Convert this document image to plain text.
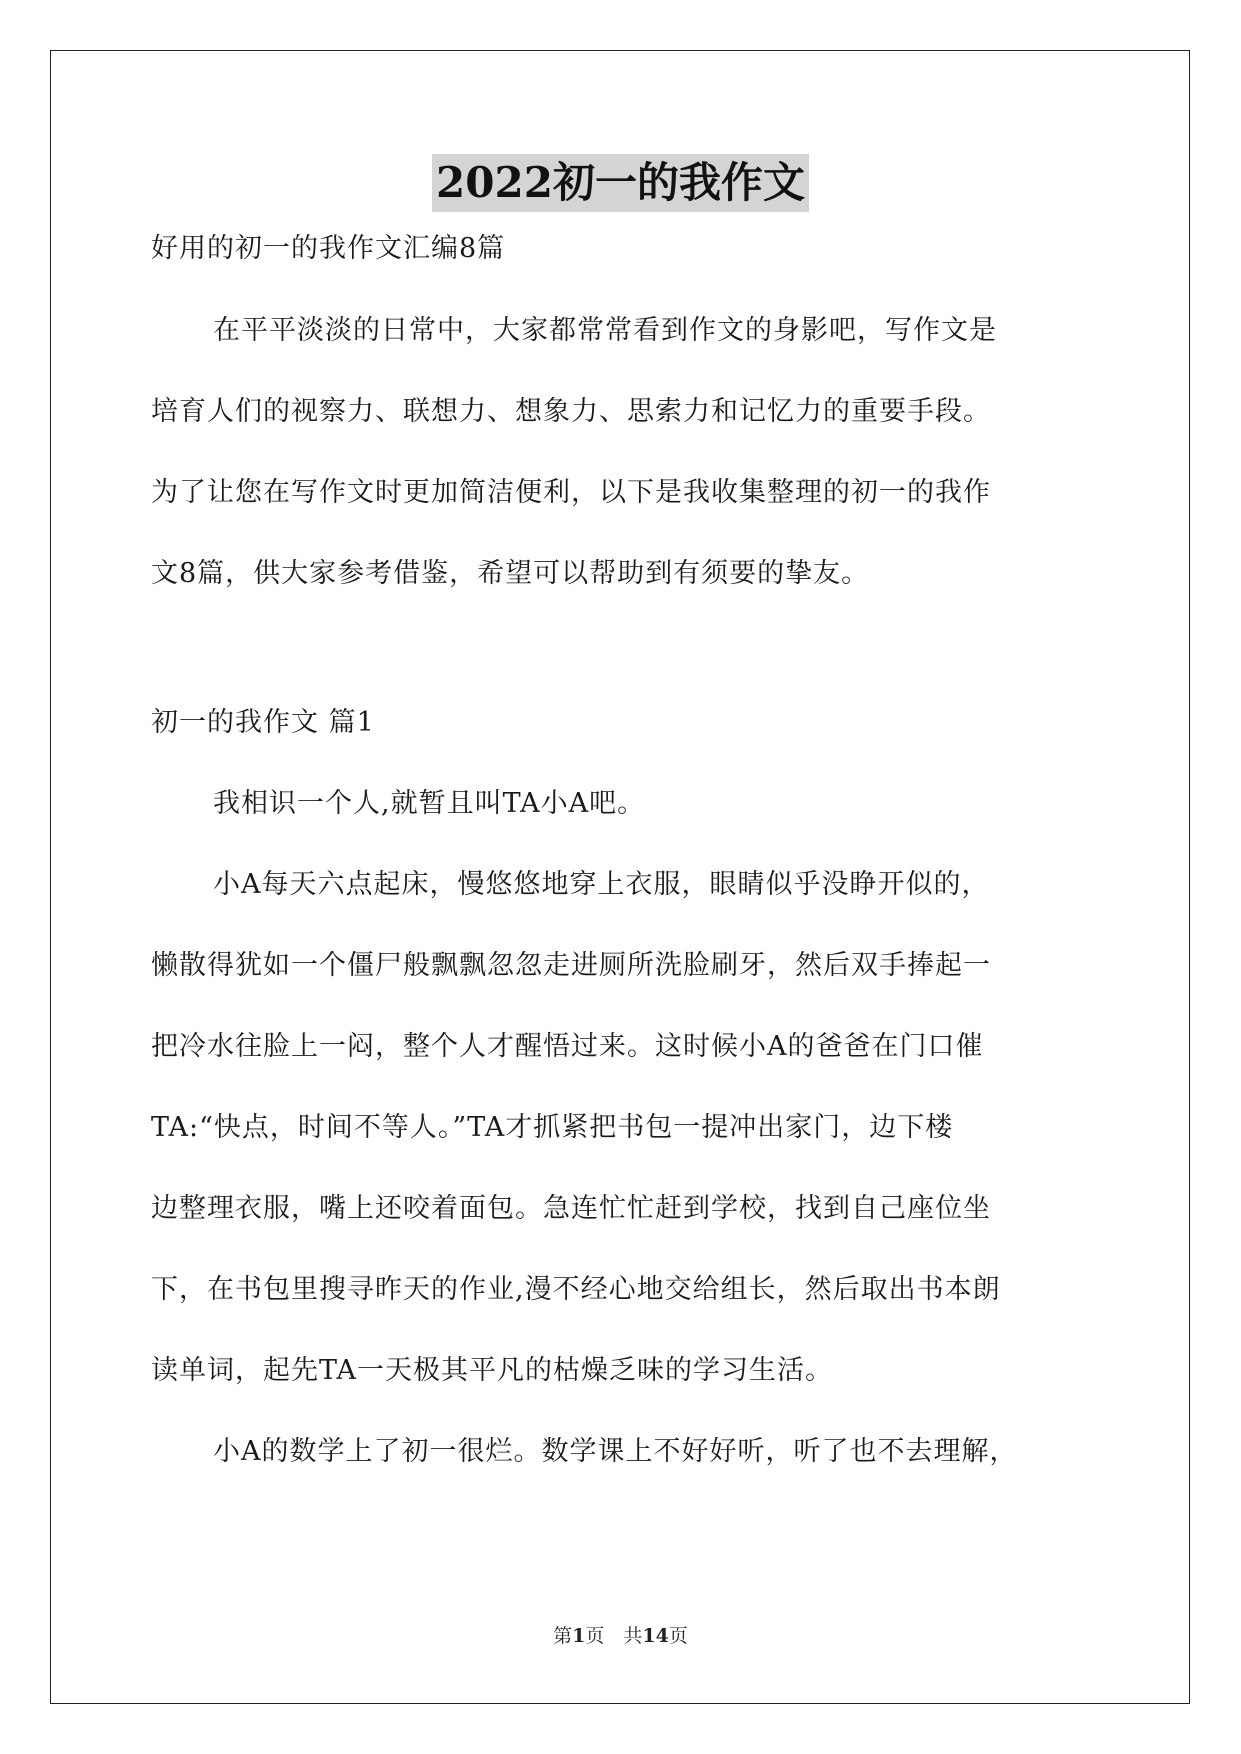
2022初一的我作文

好用的初一的我作文汇编8篇

在平平淡淡的日常中，大家都常常看到作文的身影吧，写作文是

培育人们的视察力、联想力、想象力、思索力和记忆力的重要手段。

为了让您在写作文时更加简洁便利，以下是我收集整理的初一的我作

文8篇，供大家参考借鉴，希望可以帮助到有须要的挚友。

初一的我作文 篇1

我相识一个人,就暂且叫TA小A吧。

小A每天六点起床，慢悠悠地穿上衣服，眼睛似乎没睁开似的，

懒散得犹如一个僵尸般飘飘忽忽走进厕所洗脸刷牙，然后双手捧起一

把冷水往脸上一闷，整个人才醒悟过来。这时候小A的爸爸在门口催

TA:“快点，时间不等人。”TA才抓紧把书包一提冲出家门，边下楼

边整理衣服，嘴上还咬着面包。急连忙忙赶到学校，找到自己座位坐

下，在书包里搜寻昨天的作业,漫不经心地交给组长，然后取出书本朗

读单词，起先TA一天极其平凡的枯燥乏味的学习生活。

小A的数学上了初一很烂。数学课上不好好听，听了也不去理解，

第1页　共14页
